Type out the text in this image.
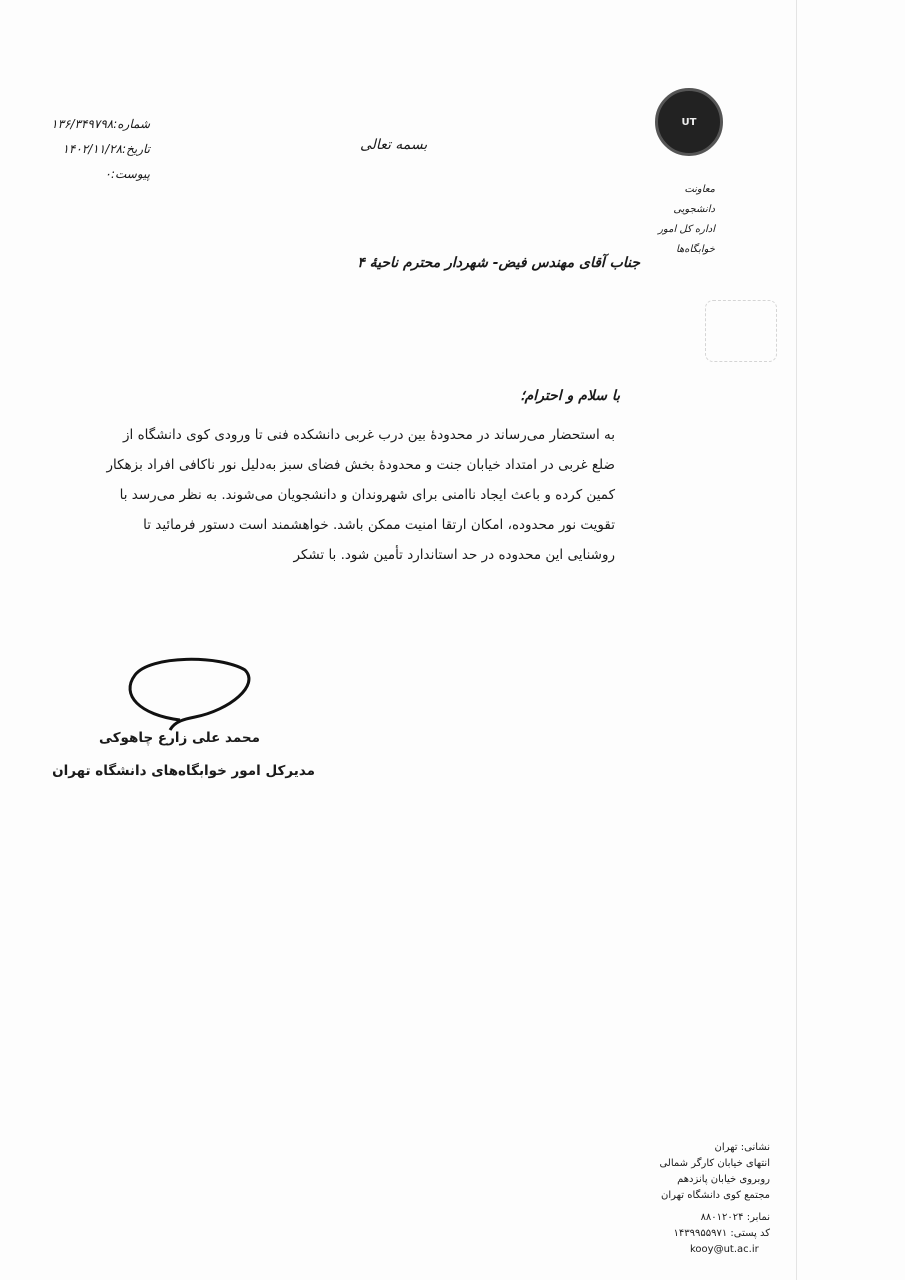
شماره:۱۳۶/۳۴۹۷۹۸
تاریخ:۱۴۰۲/۱۱/۲۸
پیوست:۰
بسمه تعالی
UT
معاونت دانشجویی
اداره کل امور خوابگاه‌ها
جناب آقای مهندس فیض- شهردار محترم ناحیهٔ ۴
با سلام و احترام؛
به استحضار می‌رساند در محدودهٔ بین درب غربی دانشکده فنی تا ورودی کوی دانشگاه از
ضلع غربی در امتداد خیابان جنت و محدودهٔ بخش فضای سبز به‌دلیل نور ناکافی افراد بزهکار
کمین کرده و باعث ایجاد ناامنی برای شهروندان و دانشجویان می‌شوند. به نظر می‌رسد با
تقویت نور محدوده، امکان ارتقا امنیت ممکن باشد. خواهشمند است دستور فرمائید تا
روشنایی این محدوده در حد استاندارد تأمین شود. با تشکر
محمد علی زارع چاهوکی
مدیرکل امور خوابگاه‌های دانشگاه تهران
نشانی: تهران
انتهای خیابان کارگر شمالی
روبروی خیابان پانزدهم
مجتمع کوی دانشگاه تهران
نمابر: ۸۸۰۱۲۰۲۴
کد پستی: ۱۴۳۹۹۵۵۹۷۱
kooy@ut.ac.ir
